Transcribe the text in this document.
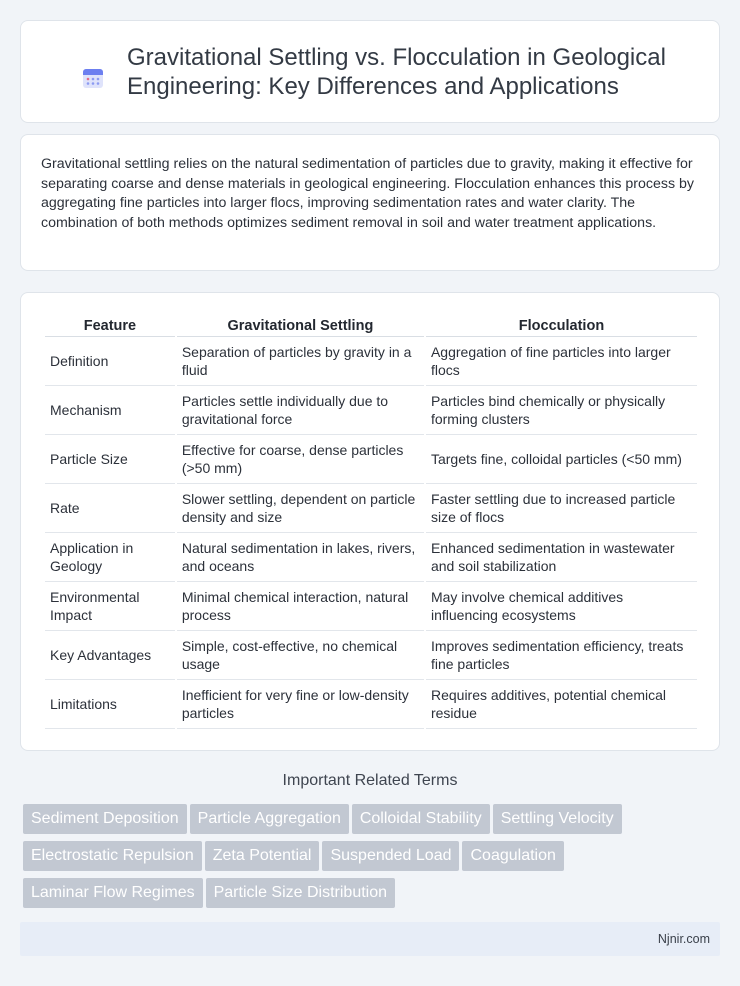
Gravitational Settling vs. Flocculation in Geological Engineering: Key Differences and Applications

Gravitational settling relies on the natural sedimentation of particles due to gravity, making it effective for separating coarse and dense materials in geological engineering. Flocculation enhances this process by aggregating fine particles into larger flocs, improving sedimentation rates and water clarity. The combination of both methods optimizes sediment removal in soil and water treatment applications.

Feature	Gravitational Settling	Flocculation
Definition	Separation of particles by gravity in a fluid	Aggregation of fine particles into larger flocs
Mechanism	Particles settle individually due to gravitational force	Particles bind chemically or physically forming clusters
Particle Size	Effective for coarse, dense particles (>50 mm)	Targets fine, colloidal particles (<50 mm)
Rate	Slower settling, dependent on particle density and size	Faster settling due to increased particle size of flocs
Application in Geology	Natural sedimentation in lakes, rivers, and oceans	Enhanced sedimentation in wastewater and soil stabilization
Environmental Impact	Minimal chemical interaction, natural process	May involve chemical additives influencing ecosystems
Key Advantages	Simple, cost-effective, no chemical usage	Improves sedimentation efficiency, treats fine particles
Limitations	Inefficient for very fine or low-density particles	Requires additives, potential chemical residue
Important Related Terms
Sediment Deposition Particle Aggregation Colloidal Stability Settling Velocity
Electrostatic Repulsion Zeta Potential Suspended Load Coagulation
Laminar Flow Regimes Particle Size Distribution
Njnir.com
